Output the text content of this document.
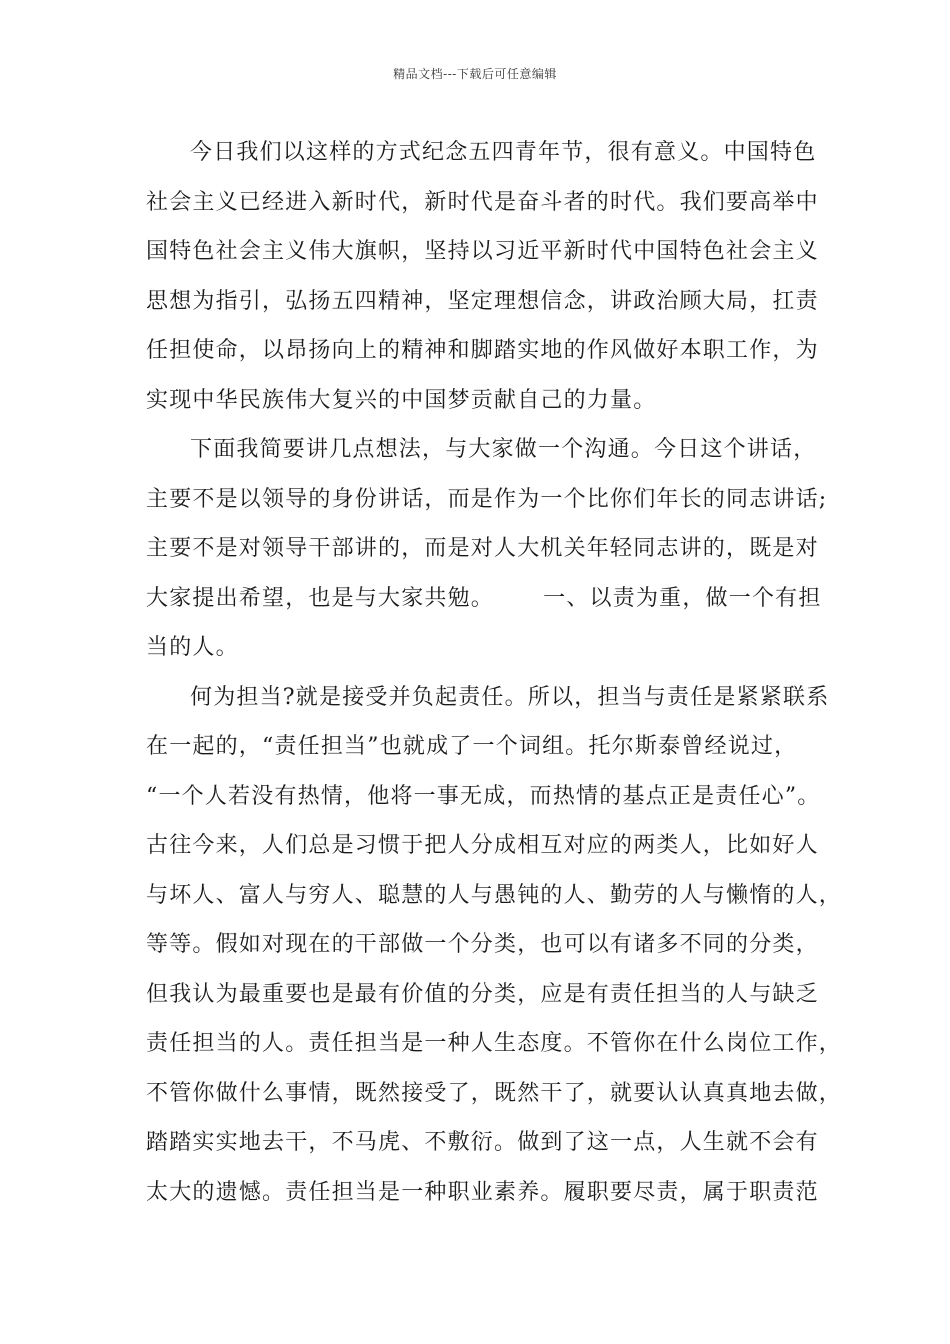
精品文档---下载后可任意编辑
今日我们以这样的方式纪念五四青年节，很有意义。中国特色
社会主义已经进入新时代，新时代是奋斗者的时代。我们要高举中
国特色社会主义伟大旗帜，坚持以习近平新时代中国特色社会主义
思想为指引，弘扬五四精神，坚定理想信念，讲政治顾大局，扛责
任担使命，以昂扬向上的精神和脚踏实地的作风做好本职工作，为
实现中华民族伟大复兴的中国梦贡献自己的力量。
下面我简要讲几点想法，与大家做一个沟通。今日这个讲话，
主要不是以领导的身份讲话，而是作为一个比你们年长的同志讲话;
主要不是对领导干部讲的，而是对人大机关年轻同志讲的，既是对
大家提出希望，也是与大家共勉。      一、以责为重，做一个有担
当的人。
何为担当?就是接受并负起责任。所以，担当与责任是紧紧联系
在一起的，“责任担当”也就成了一个词组。托尔斯泰曾经说过，
“一个人若没有热情，他将一事无成，而热情的基点正是责任心”。
古往今来，人们总是习惯于把人分成相互对应的两类人，比如好人
与坏人、富人与穷人、聪慧的人与愚钝的人、勤劳的人与懒惰的人，
等等。假如对现在的干部做一个分类，也可以有诸多不同的分类，
但我认为最重要也是最有价值的分类，应是有责任担当的人与缺乏
责任担当的人。责任担当是一种人生态度。不管你在什么岗位工作，
不管你做什么事情，既然接受了，既然干了，就要认认真真地去做，
踏踏实实地去干，不马虎、不敷衍。做到了这一点，人生就不会有
太大的遗憾。责任担当是一种职业素养。履职要尽责，属于职责范
